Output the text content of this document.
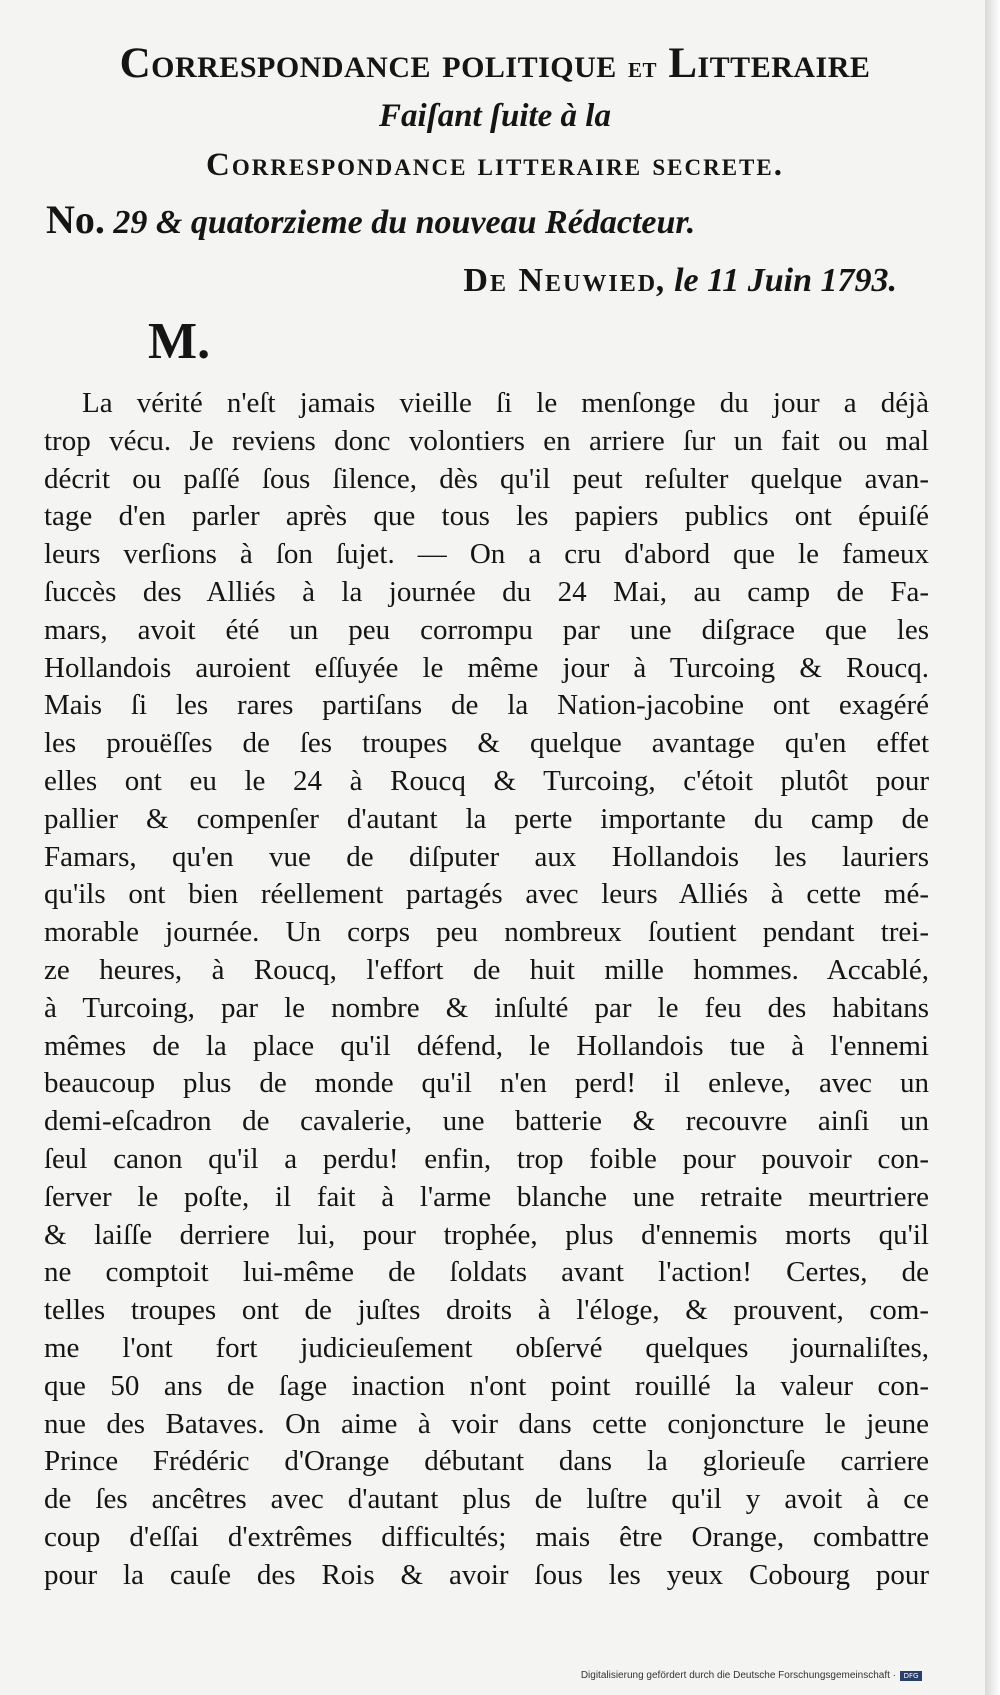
Correspondance politique et Litteraire
Faiſant ſuite à la
Correspondance litteraire secrete.
No. 29 & quatorzieme du nouveau Rédacteur.
De Neuwied, le 11 Juin 1793.
M.
La vérité n'eſt jamais vieille ſi le menſonge du jour a déjà
trop vécu. Je reviens donc volontiers en arriere ſur un fait ou mal
décrit ou paſſé ſous ſilence, dès qu'il peut reſulter quelque avan-
tage d'en parler après que tous les papiers publics ont épuiſé
leurs verſions à ſon ſujet. — On a cru d'abord que le fameux
ſuccès des Alliés à la journée du 24 Mai, au camp de Fa-
mars, avoit été un peu corrompu par une diſgrace que les
Hollandois auroient eſſuyée le même jour à Turcoing & Roucq.
Mais ſi les rares partiſans de la Nation-jacobine ont exagéré
les prouëſſes de ſes troupes & quelque avantage qu'en effet
elles ont eu le 24 à Roucq & Turcoing, c'étoit plutôt pour
pallier & compenſer d'autant la perte importante du camp de
Famars, qu'en vue de diſputer aux Hollandois les lauriers
qu'ils ont bien réellement partagés avec leurs Alliés à cette mé-
morable journée. Un corps peu nombreux ſoutient pendant trei-
ze heures, à Roucq, l'effort de huit mille hommes. Accablé,
à Turcoing, par le nombre & inſulté par le feu des habitans
mêmes de la place qu'il défend, le Hollandois tue à l'ennemi
beaucoup plus de monde qu'il n'en perd! il enleve, avec un
demi-eſcadron de cavalerie, une batterie & recouvre ainſi un
ſeul canon qu'il a perdu! enfin, trop foible pour pouvoir con-
ſerver le poſte, il fait à l'arme blanche une retraite meurtriere
& laiſſe derriere lui, pour trophée, plus d'ennemis morts qu'il
ne comptoit lui-même de ſoldats avant l'action! Certes, de
telles troupes ont de juſtes droits à l'éloge, & prouvent, com-
me l'ont fort judicieuſement obſervé quelques journaliſtes,
que 50 ans de ſage inaction n'ont point rouillé la valeur con-
nue des Bataves. On aime à voir dans cette conjoncture le jeune
Prince Frédéric d'Orange débutant dans la glorieuſe carriere
de ſes ancêtres avec d'autant plus de luſtre qu'il y avoit à ce
coup d'eſſai d'extrêmes difficultés; mais être Orange, combattre
pour la cauſe des Rois & avoir ſous les yeux Cobourg pour
Digitalisierung gefördert durch die Deutsche Forschungsgemeinschaft ·	DFG
